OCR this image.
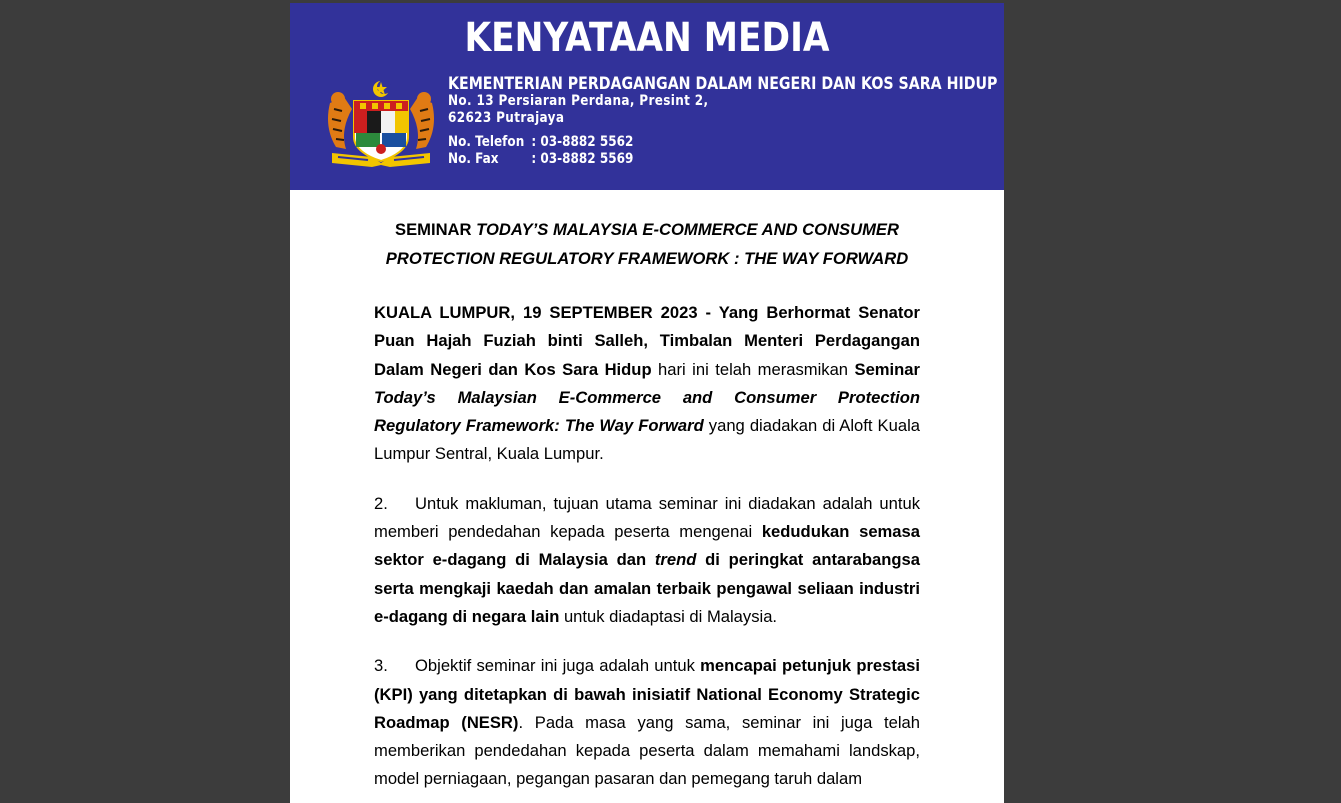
KENYATAAN MEDIA
KEMENTERIAN PERDAGANGAN DALAM NEGERI DAN KOS SARA HIDUP
No. 13 Persiaran Perdana, Presint 2,
62623 Putrajaya
No. Telefon : 03-8882 5562
No. Fax	: 03-8882 5569
SEMINAR TODAY’S MALAYSIA E-COMMERCE AND CONSUMER
PROTECTION REGULATORY FRAMEWORK : THE WAY FORWARD

KUALA LUMPUR, 19 SEPTEMBER 2023 - Yang Berhormat Senator Puan Hajah Fuziah binti Salleh, Timbalan Menteri Perdagangan Dalam Negeri dan Kos Sara Hidup hari ini telah merasmikan Seminar Today’s Malaysian E-Commerce and Consumer Protection Regulatory Framework: The Way Forward yang diadakan di Aloft Kuala Lumpur Sentral, Kuala Lumpur.

2. Untuk makluman, tujuan utama seminar ini diadakan adalah untuk memberi pendedahan kepada peserta mengenai kedudukan semasa sektor e-dagang di Malaysia dan trend di peringkat antarabangsa serta mengkaji kaedah dan amalan terbaik pengawal seliaan industri e-dagang di negara lain untuk diadaptasi di Malaysia.

3. Objektif seminar ini juga adalah untuk mencapai petunjuk prestasi (KPI) yang ditetapkan di bawah inisiatif National Economy Strategic Roadmap (NESR). Pada masa yang sama, seminar ini juga telah memberikan pendedahan kepada peserta dalam memahami landskap, model perniagaan, pegangan pasaran dan pemegang taruh dalam
